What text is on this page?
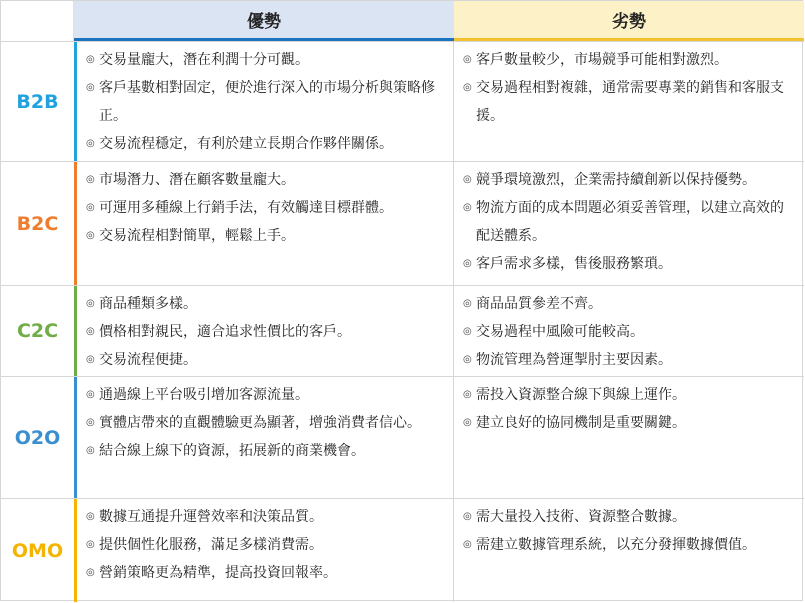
優勢	劣勢
B2B
◎ 交易量龐大，潛在利潤十分可觀。
◎ 客戶基數相對固定，便於進行深入的市場分析與策略修正。
◎ 交易流程穩定，有利於建立長期合作夥伴關係。
◎ 客戶數量較少，市場競爭可能相對激烈。
◎ 交易過程相對複雜，通常需要專業的銷售和客服支援。
B2C
◎ 市場潛力、潛在顧客數量龐大。
◎ 可運用多種線上行銷手法，有效觸達目標群體。
◎ 交易流程相對簡單，輕鬆上手。
◎ 競爭環境激烈，企業需持續創新以保持優勢。
◎ 物流方面的成本問題必須妥善管理，以建立高效的配送體系。
◎ 客戶需求多樣，售後服務繁瑣。
C2C
◎ 商品種類多樣。
◎ 價格相對親民，適合追求性價比的客戶。
◎ 交易流程便捷。
◎ 商品品質參差不齊。
◎ 交易過程中風險可能較高。
◎ 物流管理為營運掣肘主要因素。
O2O
◎ 通過線上平台吸引增加客源流量。
◎ 實體店帶來的直觀體驗更為顯著，增強消費者信心。
◎ 結合線上線下的資源，拓展新的商業機會。
◎ 需投入資源整合線下與線上運作。
◎ 建立良好的協同機制是重要關鍵。
OMO
◎ 數據互通提升運營效率和決策品質。
◎ 提供個性化服務，滿足多樣消費需。
◎ 營銷策略更為精準，提高投資回報率。
◎ 需大量投入技術、資源整合數據。
◎ 需建立數據管理系統，以充分發揮數據價值。
